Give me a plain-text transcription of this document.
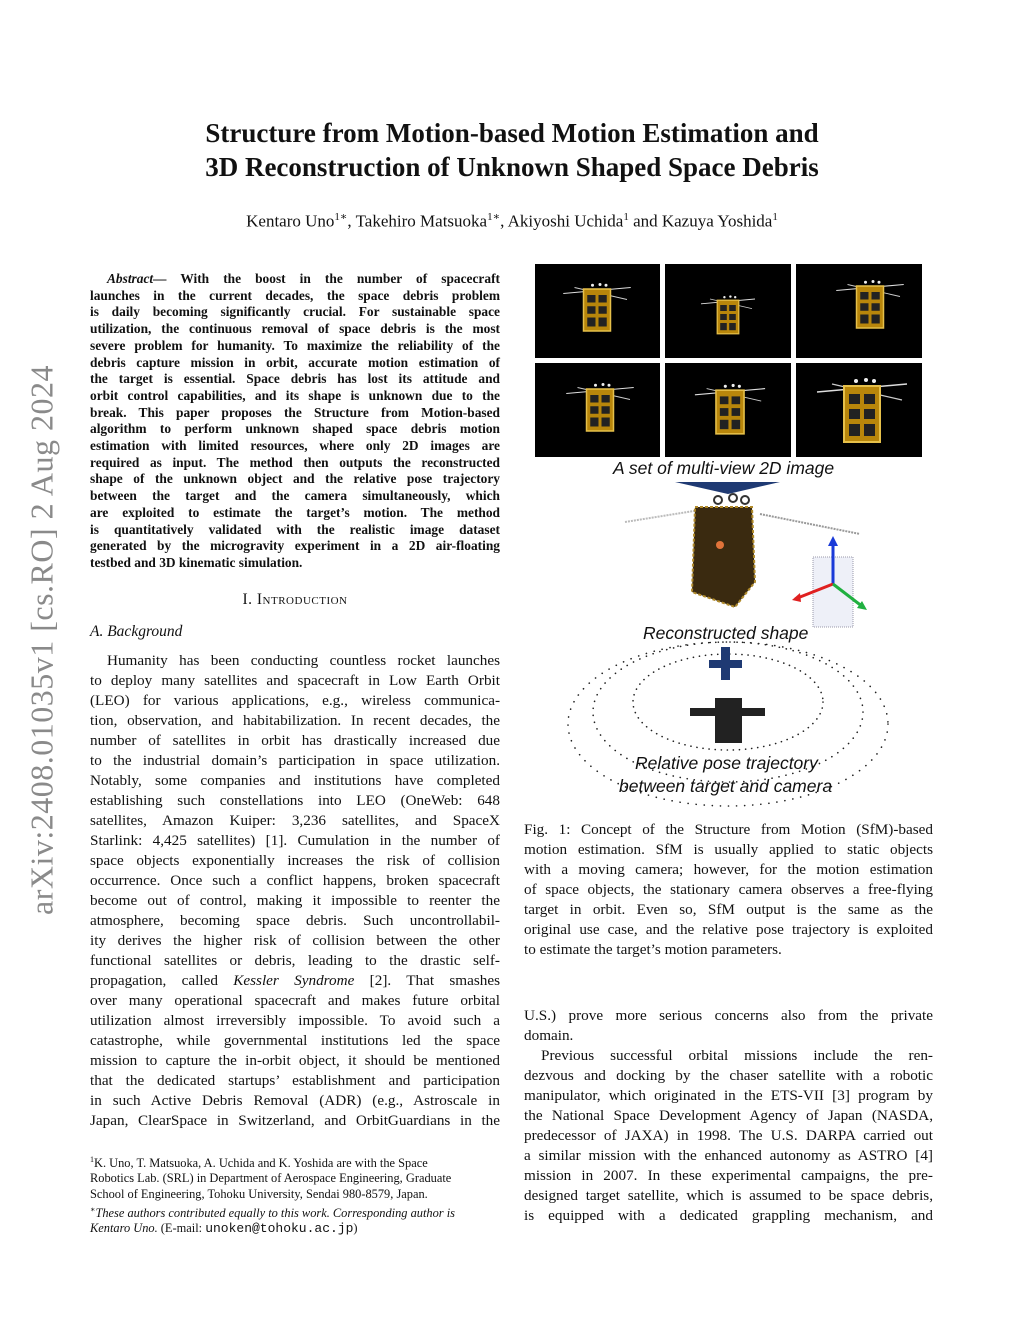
arXiv:2408.01035v1 [cs.RO] 2 Aug 2024
Structure from Motion-based Motion Estimation and
3D Reconstruction of Unknown Shaped Space Debris
Kentaro Uno$^{1∗}$, Takehiro Matsuoka$^{1∗}$, Akiyoshi Uchida$^1$ and Kazuya Yoshida$^1$
Abstract— With the boost in the number of spacecraft
launches in the current decades, the space debris problem
is daily becoming significantly crucial. For sustainable space
utilization, the continuous removal of space debris is the most
severe problem for humanity. To maximize the reliability of the
debris capture mission in orbit, accurate motion estimation of
the target is essential. Space debris has lost its attitude and
orbit control capabilities, and its shape is unknown due to the
break. This paper proposes the Structure from Motion-based
algorithm to perform unknown shaped space debris motion
estimation with limited resources, where only 2D images are
required as input. The method then outputs the reconstructed
shape of the unknown object and the relative pose trajectory
between the target and the camera simultaneously, which
are exploited to estimate the target’s motion. The method
is quantitatively validated with the realistic image dataset
generated by the microgravity experiment in a 2D air-floating
testbed and 3D kinematic simulation.
I. Introduction
A. Background
Humanity has been conducting countless rocket launches
to deploy many satellites and spacecraft in Low Earth Orbit
(LEO) for various applications, e.g., wireless communica-
tion, observation, and habitabilization. In recent decades, the
number of satellites in orbit has drastically increased due
to the industrial domain’s participation in space utilization.
Notably, some companies and institutions have completed
establishing such constellations into LEO (OneWeb: 648
satellites, Amazon Kuiper: 3,236 satellites, and SpaceX
Starlink: 4,425 satellites) [1]. Cumulation in the number of
space objects exponentially increases the risk of collision
occurrence. Once such a conflict happens, broken spacecraft
become out of control, making it impossible to reenter the
atmosphere, becoming space debris. Such uncontrollabil-
ity derives the higher risk of collision between the other
functional satellites or debris, leading to the drastic self-
propagation, called Kessler Syndrome [2]. That smashes
over many operational spacecraft and makes future orbital
utilization almost irreversibly impossible. To avoid such a
catastrophe, while governmental institutions led the space
mission to capture the in-orbit object, it should be mentioned
that the dedicated startups’ establishment and participation
in such Active Debris Removal (ADR) (e.g., Astroscale in
Japan, ClearSpace in Switzerland, and OrbitGuardians in the
$^1$K. Uno, T. Matsuoka, A. Uchida and K. Yoshida are with the Space
Robotics Lab. (SRL) in Department of Aerospace Engineering, Graduate
School of Engineering, Tohoku University, Sendai 980-8579, Japan.
∗These authors contributed equally to this work. Corresponding author is
Kentaro Uno. (E-mail: unoken@tohoku.ac.jp)
A set of multi-view 2D image
Reconstructed shape
Relative pose trajectory
between target and camera
Fig. 1: Concept of the Structure from Motion (SfM)-based
motion estimation. SfM is usually applied to static objects
with a moving camera; however, for the motion estimation
of space objects, the stationary camera observes a free-flying
target in orbit. Even so, SfM output is the same as the
original use case, and the relative pose trajectory is exploited
to estimate the target’s motion parameters.
U.S.) prove more serious concerns also from the private
domain.
Previous successful orbital missions include the ren-
dezvous and docking by the chaser satellite with a robotic
manipulator, which originated in the ETS-VII [3] program by
the National Space Development Agency of Japan (NASDA,
predecessor of JAXA) in 1998. The U.S. DARPA carried out
a similar mission with the enhanced autonomy as ASTRO [4]
mission in 2007. In these experimental campaigns, the pre-
designed target satellite, which is assumed to be space debris,
is equipped with a dedicated grappling mechanism, and
